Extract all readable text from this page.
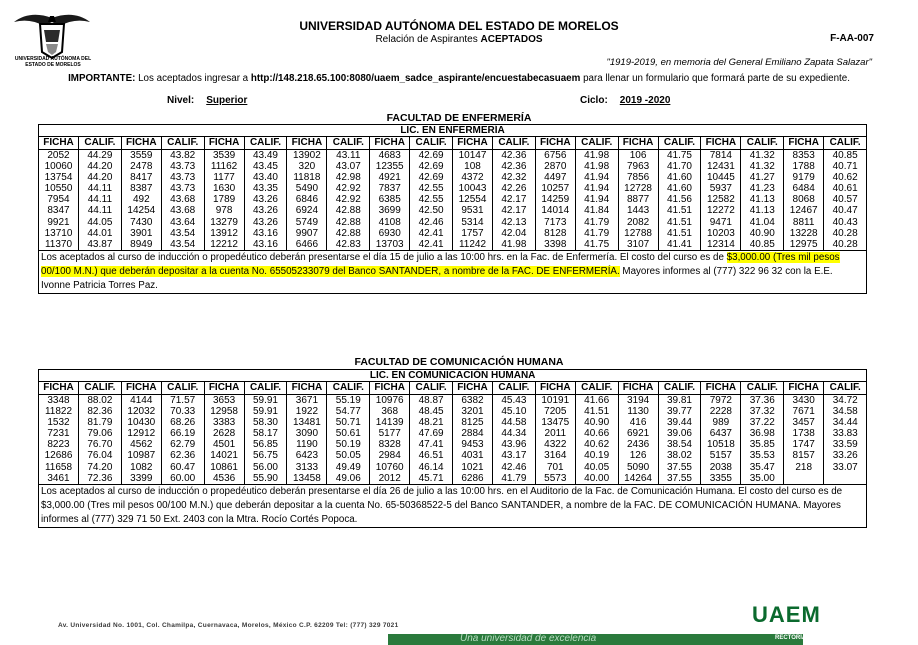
UNIVERSIDAD AUTÓNOMA DEL ESTADO DE MORELOS
UNIVERSIDAD AUTÓNOMA DEL ESTADO DE MORELOS
Relación de Aspirantes ACEPTADOS	F-AA-007
"1919-2019, en memoria del General Emiliano Zapata Salazar"
IMPORTANTE: Los aceptados ingresar a http://148.218.65.100:8080/uaem_sadce_aspirante/encuestabecasuaem para llenar un formulario que formará parte de su expediente.
Nivel: Superior	Ciclo: 2019 -2020
FACULTAD DE ENFERMERÍA
LIC. EN ENFERMERÍA																			
FICHA	CALIF.	FICHA	CALIF.	FICHA	CALIF.	FICHA	CALIF.	FICHA	CALIF.	FICHA	CALIF.	FICHA	CALIF.	FICHA	CALIF.	FICHA	CALIF.	FICHA	CALIF.
2052	44.29	3559	43.82	3539	43.49	13902	43.11	4683	42.69	10147	42.36	6756	41.98	106	41.75	7814	41.32	8353	40.85
10060	44.20	2478	43.73	11162	43.45	320	43.07	12355	42.69	108	42.36	2870	41.98	7963	41.70	12431	41.32	1788	40.71
13754	44.20	8417	43.73	1177	43.40	11818	42.98	4921	42.69	4372	42.32	4497	41.94	7856	41.60	10445	41.27	9179	40.62
10550	44.11	8387	43.73	1630	43.35	5490	42.92	7837	42.55	10043	42.26	10257	41.94	12728	41.60	5937	41.23	6484	40.61
7954	44.11	492	43.68	1789	43.26	6846	42.92	6385	42.55	12554	42.17	14259	41.94	8877	41.56	12582	41.13	8068	40.57
8347	44.11	14254	43.68	978	43.26	6924	42.88	3699	42.50	9531	42.17	14014	41.84	1443	41.51	12272	41.13	12467	40.47
9921	44.05	7430	43.64	13279	43.26	5749	42.88	4108	42.46	5314	42.13	7173	41.79	2082	41.51	9471	41.04	8811	40.43
13710	44.01	3901	43.54	13912	43.16	9907	42.88	6930	42.41	1757	42.04	8128	41.79	12788	41.51	10203	40.90	13228	40.28
11370	43.87	8949	43.54	12212	43.16	6466	42.83	13703	42.41	11242	41.98	3398	41.75	3107	41.41	12314	40.85	12975	40.28
Los aceptados al curso de inducción o propedéutico deberán presentarse el día 15 de julio a las 10:00 hrs. en la Fac. de Enfermería. El costo del curso es de $3,000.00 (Tres mil pesos 00/100 M.N.) que deberán depositar a la cuenta No. 65505233079 del Banco SANTANDER, a nombre de la FAC. DE ENFERMERÍA. Mayores informes al (777) 322 96 32 con la E.E. Ivonne Patricia Torres Paz.																			
FACULTAD DE COMUNICACIÓN HUMANA
LIC. EN COMUNICACIÓN HUMANA																			
FICHA	CALIF.	FICHA	CALIF.	FICHA	CALIF.	FICHA	CALIF.	FICHA	CALIF.	FICHA	CALIF.	FICHA	CALIF.	FICHA	CALIF.	FICHA	CALIF.	FICHA	CALIF.
3348	88.02	4144	71.57	3653	59.91	3671	55.19	10976	48.87	6382	45.43	10191	41.66	3194	39.81	7972	37.36	3430	34.72
11822	82.36	12032	70.33	12958	59.91	1922	54.77	368	48.45	3201	45.10	7205	41.51	1130	39.77	2228	37.32	7671	34.58
1532	81.79	10430	68.26	3383	58.30	13481	50.71	14139	48.21	8125	44.58	13475	40.90	416	39.44	989	37.22	3457	34.44
7231	79.06	12912	66.19	2628	58.17	3090	50.61	5177	47.69	2884	44.34	2011	40.66	6921	39.06	6437	36.98	1738	33.83
8223	76.70	4562	62.79	4501	56.85	1190	50.19	8328	47.41	9453	43.96	4322	40.62	2436	38.54	10518	35.85	1747	33.59
12686	76.04	10987	62.36	14021	56.75	6423	50.05	2984	46.51	4031	43.17	3164	40.19	126	38.02	5157	35.53	8157	33.26
11658	74.20	1082	60.47	10861	56.00	3133	49.49	10760	46.14	1021	42.46	701	40.05	5090	37.55	2038	35.47	218	33.07
3461	72.36	3399	60.00	4536	55.90	13458	49.06	2012	45.71	6286	41.79	5573	40.00	14264	37.55	3355	35.00		
Los aceptados al curso de inducción o propedéutico deberán presentarse el día 26 de julio a las 10:00 hrs. en el Auditorio de la Fac. de Comunicación Humana. El costo del curso es de $3,000.00 (Tres mil pesos 00/100 M.N.) que deberán depositar a la cuenta No. 65-50368522-5 del Banco SANTANDER, a nombre de la FAC. DE COMUNICACIÓN HUMANA. Mayores informes al (777) 329 71 50 Ext. 2403 con la Mtra. Rocío Cortés Popoca.																			
Av. Universidad No. 1001, Col. Chamilpa, Cuernavaca, Morelos, México C.P. 62209 Tel: (777) 329 7021
Una universidad de excelencia
UAEM
RECTORÍA
